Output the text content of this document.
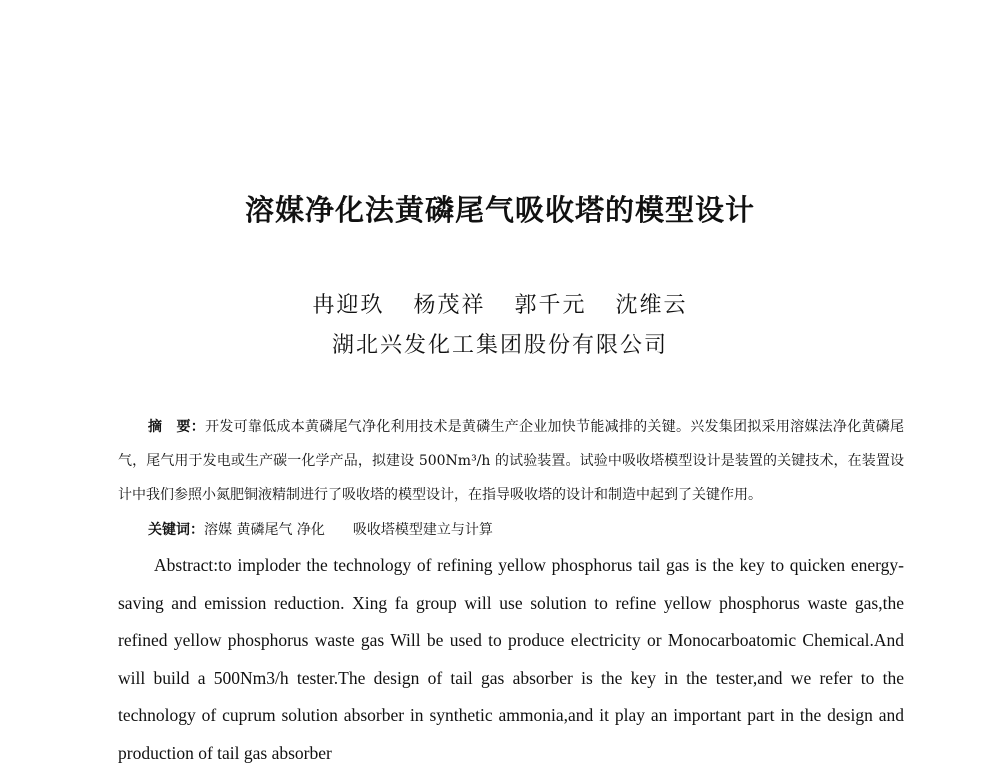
溶媒净化法黄磷尾气吸收塔的模型设计
冉迎玖 杨茂祥 郭千元 沈维云
湖北兴发化工集团股份有限公司
摘　要：开发可靠低成本黄磷尾气净化利用技术是黄磷生产企业加快节能减排的关键。兴发集团拟采用溶媒法净化黄磷尾气，尾气用于发电或生产碳一化学产品，拟建设 500Nm³/h 的试验装置。试验中吸收塔模型设计是装置的关键技术，在装置设计中我们参照小氮肥铜液精制进行了吸收塔的模型设计，在指导吸收塔的设计和制造中起到了关键作用。
关键词：溶媒 黄磷尾气 净化　　吸收塔模型建立与计算
Abstract:to imploder the technology of refining yellow phosphorus tail gas is the key to quicken energy-saving and emission reduction. Xing fa group will use solution to refine yellow phosphorus waste gas,the refined yellow phosphorus waste gas Will be used to produce electricity or Monocarboatomic Chemical.And will build a 500Nm3/h tester.The design of tail gas absorber is the key in the tester,and we refer to the technology of cuprum solution absorber in synthetic ammonia,and it play an important part in the design and production of tail gas absorber
